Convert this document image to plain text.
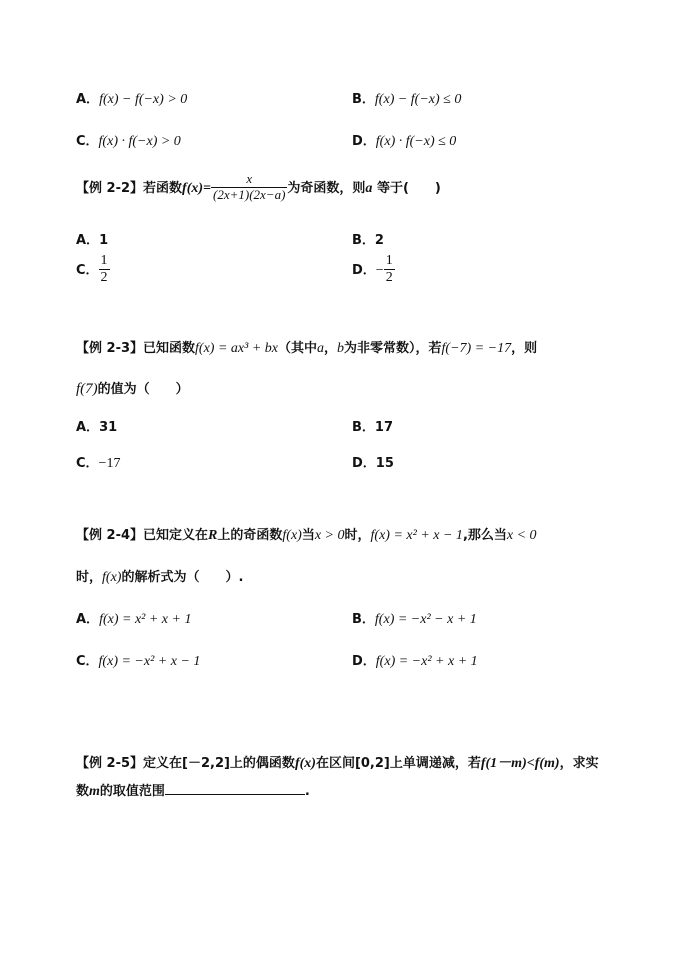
A．f(x) − f(−x) > 0	B．f(x) − f(−x) ≤ 0
C．f(x) · f(−x) > 0	D．f(x) · f(−x) ≤ 0
【例 2-2】若函数$f(x)= \frac{x}{(2x+1)(2x-a)}$ 为奇函数，则a 等于(　　)
A．1	B．2
C． $\frac{1}{2}$	D．− $\frac{1}{2}$
【例 2-3】已知函数f(x) = ax³ + bx（其中a，b为非零常数），若f(−7) = −17，则
f(7)的值为（　　）
A．31	B．17
C．−17	D．15
【例 2-4】已知定义在R上的奇函数f(x)当x > 0时，f(x) = x² + x − 1,那么当x < 0
时，f(x)的解析式为（　　）.
A．f(x) = x² + x + 1	B．f(x) = −x² − x + 1
C．f(x) = −x² + x − 1	D．f(x) = −x² + x + 1
【例 2-5】定义在[－2,2]上的偶函数f(x)在区间[0,2]上单调递减，若f(1－m)<f(m)，求实
数m的取值范围	.
